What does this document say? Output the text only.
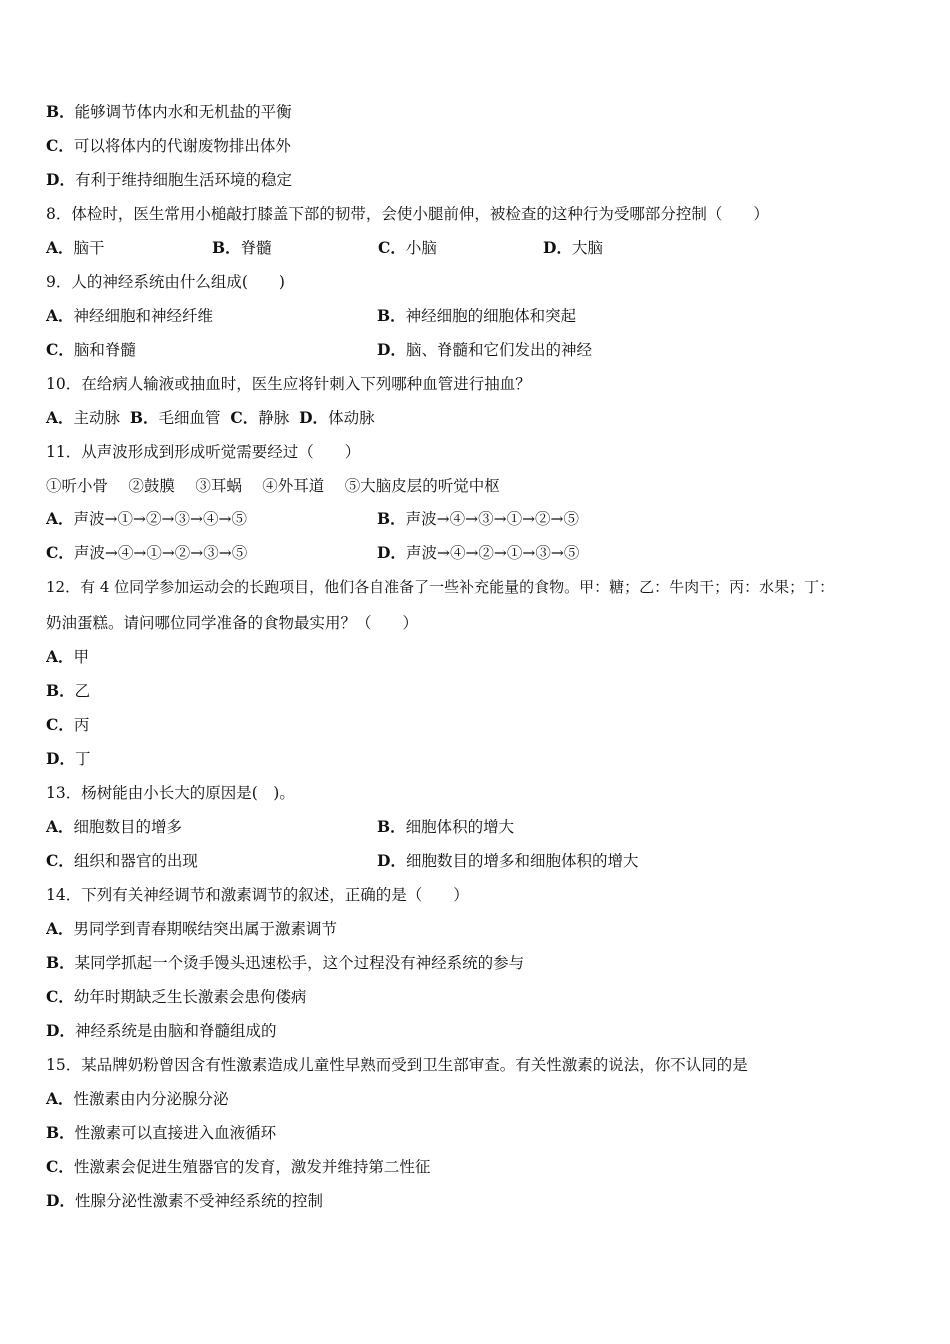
B．能够调节体内水和无机盐的平衡
C．可以将体内的代谢废物排出体外
D．有利于维持细胞生活环境的稳定
8．体检时，医生常用小槌敲打膝盖下部的韧带，会使小腿前伸，被检查的这种行为受哪部分控制（　　）
A．脑干	B．脊髓	C．小脑	D．大脑
9．人的神经系统由什么组成(　　)
A．神经细胞和神经纤维	B．神经细胞的细胞体和突起
C．脑和脊髓	D．脑、脊髓和它们发出的神经
10．在给病人输液或抽血时，医生应将针刺入下列哪种血管进行抽血？
A．主动脉 B．毛细血管 C．静脉 D．体动脉
11．从声波形成到形成听觉需要经过（　　）
①听小骨　 ②鼓膜　 ③耳蜗　 ④外耳道　 ⑤大脑皮层的听觉中枢
A．声波→①→②→③→④→⑤	B．声波→④→③→①→②→⑤
C．声波→④→①→②→③→⑤	D．声波→④→②→①→③→⑤
12．有 4 位同学参加运动会的长跑项目，他们各自准备了一些补充能量的食物。甲：糖；乙：牛肉干；丙：水果；丁：
奶油蛋糕。请问哪位同学准备的食物最实用？（　　）
A．甲
B．乙
C．丙
D．丁
13．杨树能由小长大的原因是(　)。
A．细胞数目的增多	B．细胞体积的增大
C．组织和器官的出现	D．细胞数目的增多和细胞体积的增大
14．下列有关神经调节和激素调节的叙述，正确的是（　　）
A．男同学到青春期喉结突出属于激素调节
B．某同学抓起一个烫手馒头迅速松手，这个过程没有神经系统的参与
C．幼年时期缺乏生长激素会患佝偻病
D．神经系统是由脑和脊髓组成的
15．某品牌奶粉曾因含有性激素造成儿童性早熟而受到卫生部审查。有关性激素的说法，你不认同的是
A．性激素由内分泌腺分泌
B．性激素可以直接进入血液循环
C．性激素会促进生殖器官的发育，激发并维持第二性征
D．性腺分泌性激素不受神经系统的控制
